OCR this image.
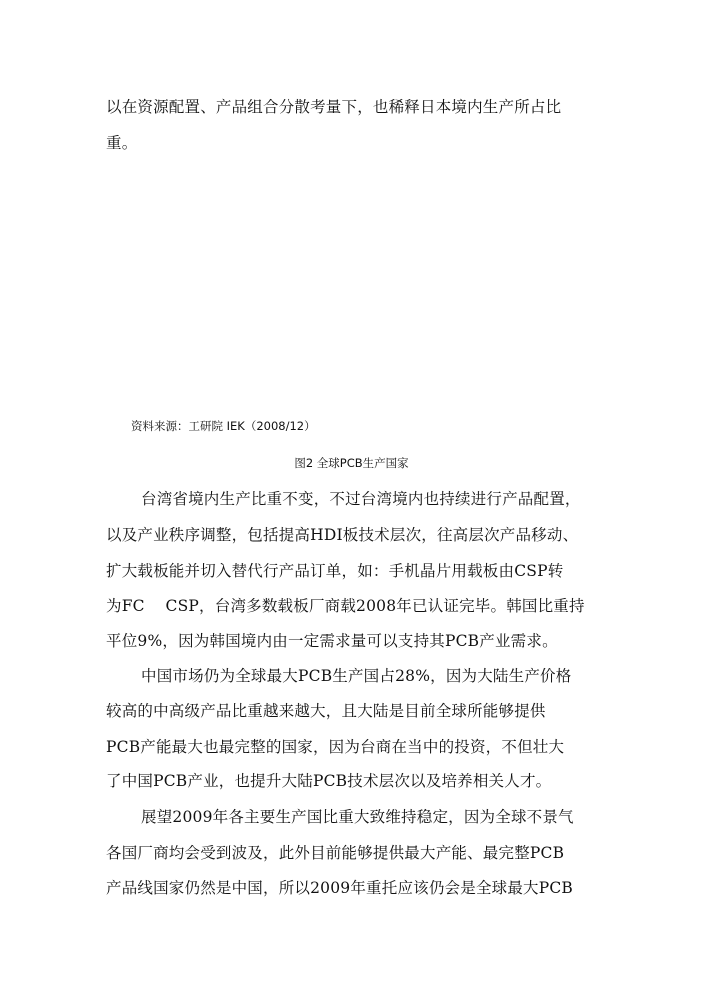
以在资源配置、产品组合分散考量下，也稀释日本境内生产所占比
重。
资料来源：工研院 IEK（2008/12）
图2 全球PCB生产国家
台湾省境内生产比重不变，不过台湾境内也持续进行产品配置，
以及产业秩序调整，包括提高HDI板技术层次，往高层次产品移动、
扩大载板能并切入替代行产品订单，如：手机晶片用载板由CSP转
为FC　 CSP，台湾多数载板厂商载2008年已认证完毕。韩国比重持
平位9%，因为韩国境内由一定需求量可以支持其PCB产业需求。
中国市场仍为全球最大PCB生产国占28%，因为大陆生产价格
较高的中高级产品比重越来越大，且大陆是目前全球所能够提供
PCB产能最大也最完整的国家，因为台商在当中的投资，不但壮大
了中国PCB产业，也提升大陆PCB技术层次以及培养相关人才。
展望2009年各主要生产国比重大致维持稳定，因为全球不景气
各国厂商均会受到波及，此外目前能够提供最大产能、最完整PCB
产品线国家仍然是中国，所以2009年重托应该仍会是全球最大PCB
